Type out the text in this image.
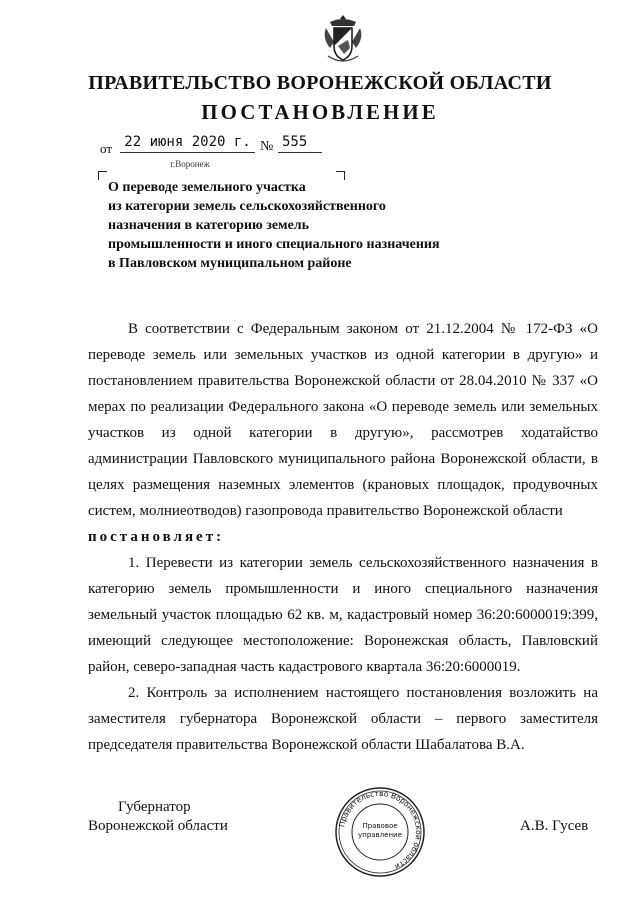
ПРАВИТЕЛЬСТВО ВОРОНЕЖСКОЙ ОБЛАСТИ
ПОСТАНОВЛЕНИЕ
от 22 июня 2020 г. № 555
г.Воронеж
О переводе земельного участка
из категории земель сельскохозяйственного
назначения в категорию земель
промышленности и иного специального назначения
в Павловском муниципальном районе
В соответствии с Федеральным законом от 21.12.2004 № 172-ФЗ «О переводе земель или земельных участков из одной категории в другую» и постановлением правительства Воронежской области от 28.04.2010 № 337 «О мерах по реализации Федерального закона «О переводе земель или земельных участков из одной категории в другую», рассмотрев ходатайство администрации Павловского муниципального района Воронежской области, в целях размещения наземных элементов (крановых площадок, продувочных систем, молниеотводов) газопровода правительство Воронежской области
постановляет:
1. Перевести из категории земель сельскохозяйственного назначения в категорию земель промышленности и иного специального назначения земельный участок площадью 62 кв. м, кадастровый номер 36:20:6000019:399, имеющий следующее местоположение: Воронежская область, Павловский район, северо-западная часть кадастрового квартала 36:20:6000019.
2. Контроль за исполнением настоящего постановления возложить на заместителя губернатора Воронежской области – первого заместителя председателя правительства Воронежской области Шабалатова В.А.
Губернатор
Воронежской области	Правительство Воронежской области
Правовое управление
А.В. Гусев
